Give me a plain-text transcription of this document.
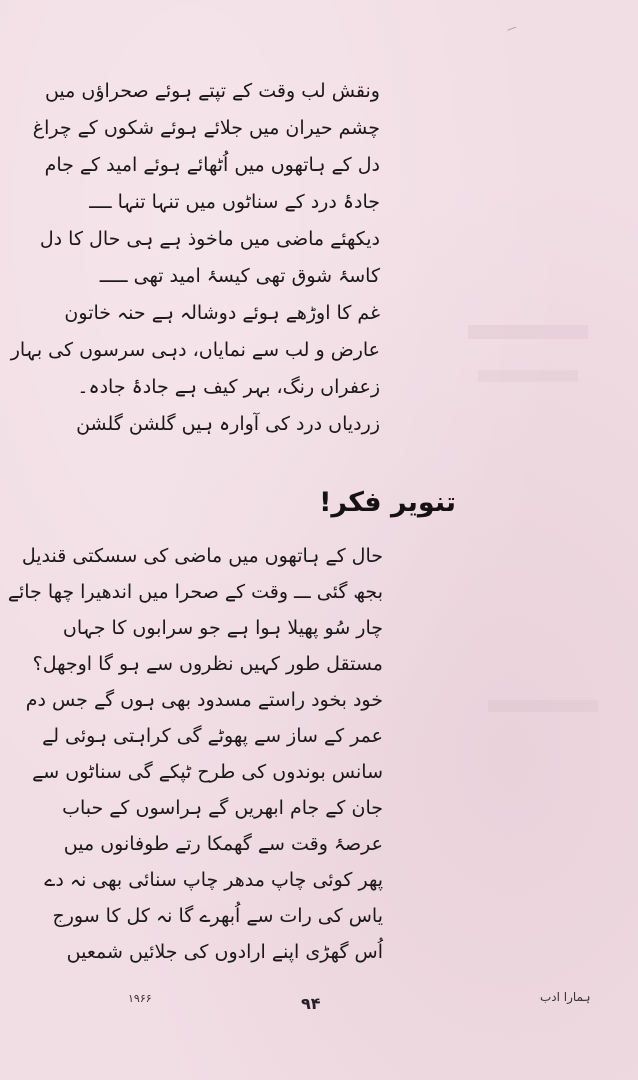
ونقش لب وقت کے تپتے ہوئے صحراؤں میں
چشم حیران میں جلائے ہوئے شکوں کے چراغ
دل کے ہاتھوں میں اُٹھائے ہوئے امید کے جام
جادۂ درد کے سناٹوں میں تنہا تنہا ــــ
دیکھئے ماضی میں ماخوذ ہے ہی حال کا دل
کاسۂ شوق تھی کیسۂ امید تھی ـــــ
غم کا اوڑھے ہوئے دوشالہ ہے حنہ خاتون
عارض و لب سے نمایاں، دہی سرسوں کی بہار
زعفراں رنگ، بہر کیف ہے جادۂ جادہ۔
زردیاں درد کی آوارہ ہیں گلشن گلشن
تنویر فکر!
حال کے ہاتھوں میں ماضی کی سسکتی قندیل
بجھ گئی ـــ وقت کے صحرا میں اندھیرا چھا جائے
چار سُو پھیلا ہوا ہے جو سرابوں کا جہاں
مستقل طور کہیں نظروں سے ہو گا اوجھل؟
خود بخود راستے مسدود بھی ہوں گے جس دم
عمر کے ساز سے پھوٹے گی کراہتی ہوئی لے
سانس بوندوں کی طرح ٹپکے گی سناٹوں سے
جان کے جام ابھریں گے ہراسوں کے حباب
عرصۂ وقت سے گھمکا رتے طوفانوں میں
پھر کوئی چاپ مدھر چاپ سنائی بھی نہ دے
یاس کی رات سے اُبھرے گا نہ کل کا سورج
اُس گھڑی اپنے ارادوں کی جلائیں شمعیں
۱۹۶۶	۹۴	ہمارا ادب
